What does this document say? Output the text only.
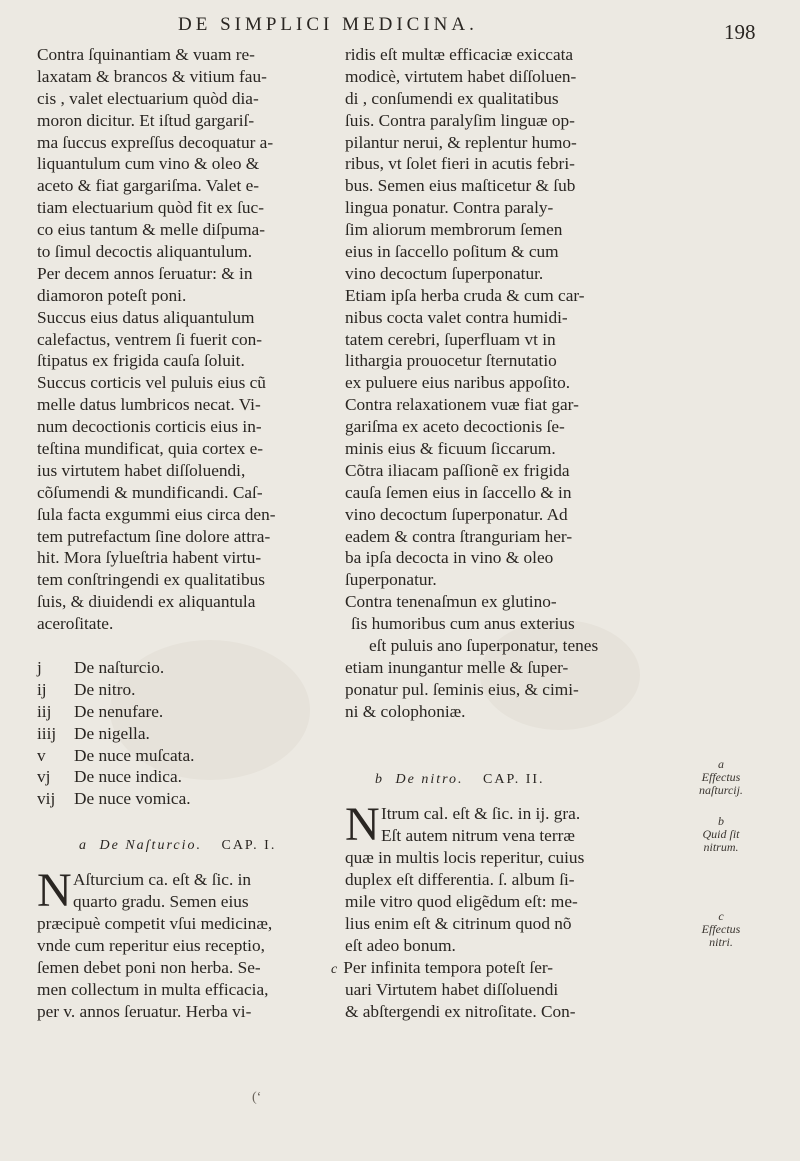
DE SIMPLICI MEDICINA.	198
Contra ſquinantiam & vuam re-
laxatam & brancos & vitium fau-
cis , valet electuarium quòd dia-
moron dicitur. Et iſtud gargariſ-
ma ſuccus expreſſus decoquatur a-
liquantulum cum vino & oleo &
aceto & fiat gargariſma. Valet e-
tiam electuarium quòd fit ex ſuc-
co eius tantum & melle diſpuma-
to ſimul decoctis aliquantulum.
Per decem annos ſeruatur: & in
diamoron poteſt poni.
Succus eius datus aliquantulum
calefactus, ventrem ſi fuerit con-
ſtipatus ex frigida cauſa ſoluit.
Succus corticis vel puluis eius cũ
melle datus lumbricos necat. Vi-
num decoctionis corticis eius in-
teſtina mundificat, quia cortex e-
ius virtutem habet diſſoluendi,
cõſumendi & mundificandi. Caſ-
ſula facta exgummi eius circa den-
tem putrefactum ſine dolore attra-
hit. Mora ſylueſtria habent virtu-
tem conſtringendi ex qualitatibus
ſuis, & diuidendi ex aliquantula
aceroſitate.
j De naſturcio.
ij De nitro.
iij De nenufare.
iiij De nigella.
v De nuce muſcata.
vj De nuce indica.
vij De nuce vomica.
a De Naſturcio. CAP. I.
N Aſturcium ca. eſt & ſic. in
quarto gradu. Semen eius
præcipuè competit vſui medicinæ,
vnde cum reperitur eius receptio,
ſemen debet poni non herba. Se-
men collectum in multa efficacia,
per v. annos ſeruatur. Herba vi-
ridis eſt multæ efficaciæ exiccata
modicè, virtutem habet diſſoluen-
di , conſumendi ex qualitatibus
ſuis. Contra paralyſim linguæ op-
pilantur nerui, & replentur humo-
ribus, vt ſolet fieri in acutis febri-
bus. Semen eius maſticetur & ſub
lingua ponatur. Contra paraly-
ſim aliorum membrorum ſemen
eius in ſaccello poſitum & cum
vino decoctum ſuperponatur.
Etiam ipſa herba cruda & cum car-
nibus cocta valet contra humidi-
tatem cerebri, ſuperfluam vt in
lithargia prouocetur ſternutatio
ex puluere eius naribus appoſito.
Contra relaxationem vuæ fiat gar-
gariſma ex aceto decoctionis ſe-
minis eius & ficuum ſiccarum.
Cõtra iliacam paſſionẽ ex frigida
cauſa ſemen eius in ſaccello & in
vino decoctum ſuperponatur. Ad
eadem & contra ſtranguriam her-
ba ipſa decocta in vino & oleo
ſuperponatur.
Contra tenenaſmun ex glutino-
ſis humoribus cum anus exterius
eſt puluis ano ſuperponatur, tenes
etiam inungantur melle & ſuper-
ponatur pul. ſeminis eius, & cimi-
ni & colophoniæ.
b De nitro. CAP. II.
N Itrum cal. eſt & ſic. in ij. gra.
Eſt autem nitrum vena terræ
quæ in multis locis reperitur, cuius
duplex eſt differentia. ſ. album ſi-
mile vitro quod eligẽdum eſt: me-
lius enim eſt & citrinum quod nõ
eſt adeo bonum.
c Per infinita tempora poteſt ſer-
uari Virtutem habet diſſoluendi
& abſtergendi ex nitroſitate. Con-
a
Effectus naſturcij.
b
Quid ſit nitrum.
c
Effectus nitri.
(‘
